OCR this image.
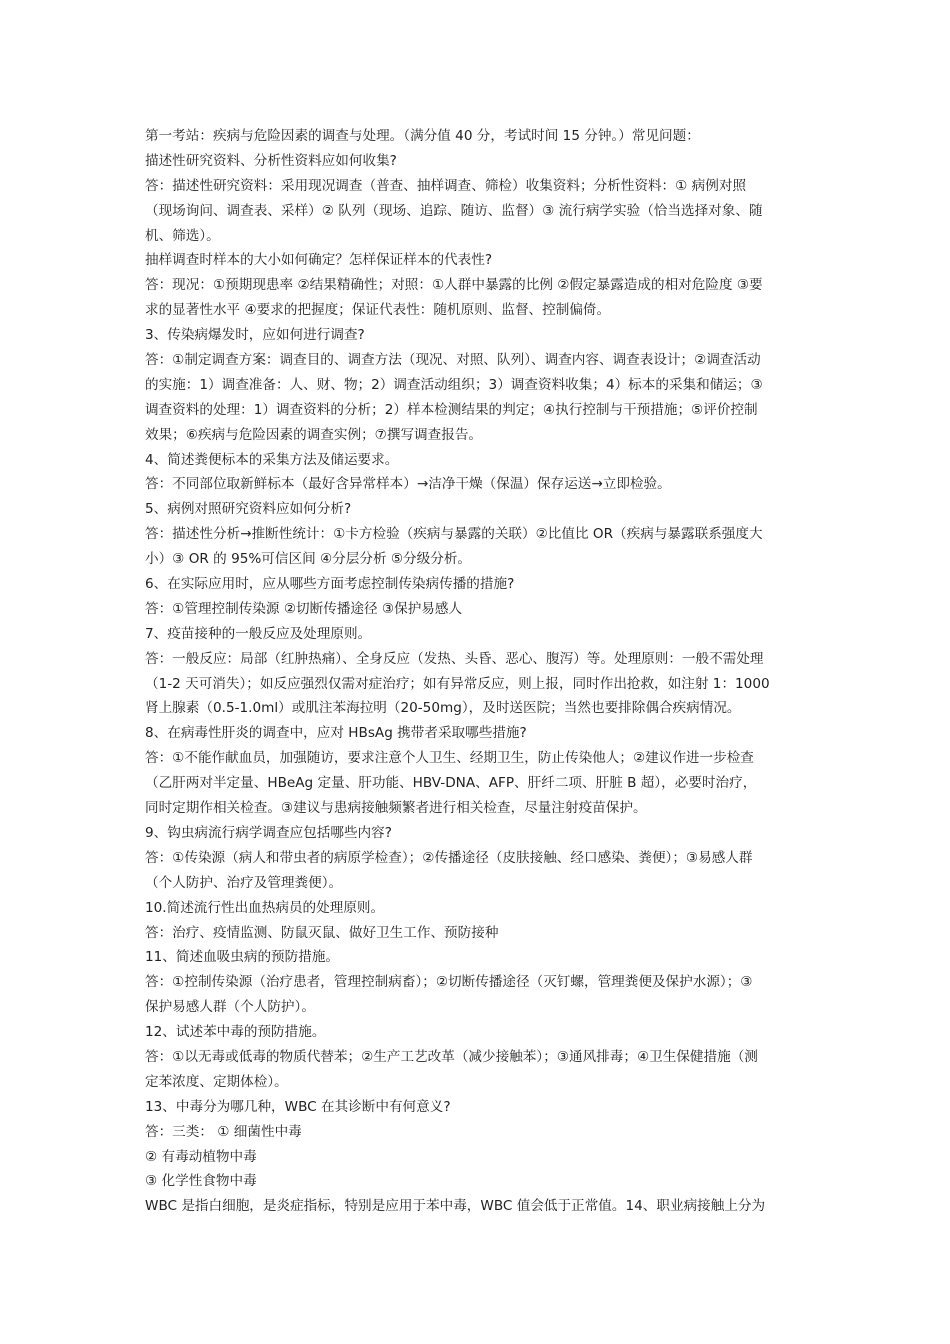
第一考站：疾病与危险因素的调查与处理。（满分值 40 分，考试时间 15 分钟。）常见问题：
描述性研究资料、分析性资料应如何收集?
答：描述性研究资料：采用现况调查（普查、抽样调查、筛检）收集资料；分析性资料：① 病例对照
（现场询问、调查表、采样）② 队列（现场、追踪、随访、监督）③ 流行病学实验（恰当选择对象、随
机、筛选）。
抽样调查时样本的大小如何确定？怎样保证样本的代表性?
答：现况：①预期现患率 ②结果精确性；对照：①人群中暴露的比例 ②假定暴露造成的相对危险度 ③要
求的显著性水平 ④要求的把握度；保证代表性：随机原则、监督、控制偏倚。
3、传染病爆发时，应如何进行调查?
答：①制定调查方案：调查目的、调查方法（现况、对照、队列）、调查内容、调查表设计；②调查活动
的实施：1）调查准备：人、财、物；2）调查活动组织；3）调查资料收集；4）标本的采集和储运；③
调查资料的处理：1）调查资料的分析；2）样本检测结果的判定；④执行控制与干预措施；⑤评价控制
效果；⑥疾病与危险因素的调查实例；⑦撰写调查报告。
4、简述粪便标本的采集方法及储运要求。
答：不同部位取新鲜标本（最好含异常样本）→洁净干燥（保温）保存运送→立即检验。
5、病例对照研究资料应如何分析?
答：描述性分析→推断性统计：①卡方检验（疾病与暴露的关联）②比值比 OR（疾病与暴露联系强度大
小）③ OR 的 95%可信区间 ④分层分析 ⑤分级分析。
6、在实际应用时，应从哪些方面考虑控制传染病传播的措施?
答：①管理控制传染源 ②切断传播途径 ③保护易感人
7、疫苗接种的一般反应及处理原则。
答：一般反应：局部（红肿热痛）、全身反应（发热、头昏、恶心、腹泻）等。处理原则：一般不需处理
（1-2 天可消失）；如反应强烈仅需对症治疗；如有异常反应，则上报，同时作出抢救，如注射 1：1000
肾上腺素（0.5-1.0ml）或肌注苯海拉明（20-50mg），及时送医院；当然也要排除偶合疾病情况。
8、在病毒性肝炎的调查中，应对 HBsAg 携带者采取哪些措施?
答：①不能作献血员，加强随访，要求注意个人卫生、经期卫生，防止传染他人；②建议作进一步检查
（乙肝两对半定量、HBeAg 定量、肝功能、HBV-DNA、AFP、肝纤二项、肝脏 B 超），必要时治疗，
同时定期作相关检查。③建议与患病接触频繁者进行相关检查，尽量注射疫苗保护。
9、钩虫病流行病学调查应包括哪些内容?
答：①传染源（病人和带虫者的病原学检查）；②传播途径（皮肤接触、经口感染、粪便）；③易感人群
（个人防护、治疗及管理粪便）。
10.简述流行性出血热病员的处理原则。
答：治疗、疫情监测、防鼠灭鼠、做好卫生工作、预防接种
11、简述血吸虫病的预防措施。
答：①控制传染源（治疗患者，管理控制病畜）；②切断传播途径（灭钉螺，管理粪便及保护水源）；③
保护易感人群（个人防护）。
12、试述苯中毒的预防措施。
答：①以无毒或低毒的物质代替苯；②生产工艺改革（减少接触苯）；③通风排毒；④卫生保健措施（测
定苯浓度、定期体检）。
13、中毒分为哪几种，WBC 在其诊断中有何意义?
答：三类： ① 细菌性中毒
② 有毒动植物中毒
③ 化学性食物中毒
WBC 是指白细胞，是炎症指标，特别是应用于苯中毒，WBC 值会低于正常值。14、职业病接触上分为
